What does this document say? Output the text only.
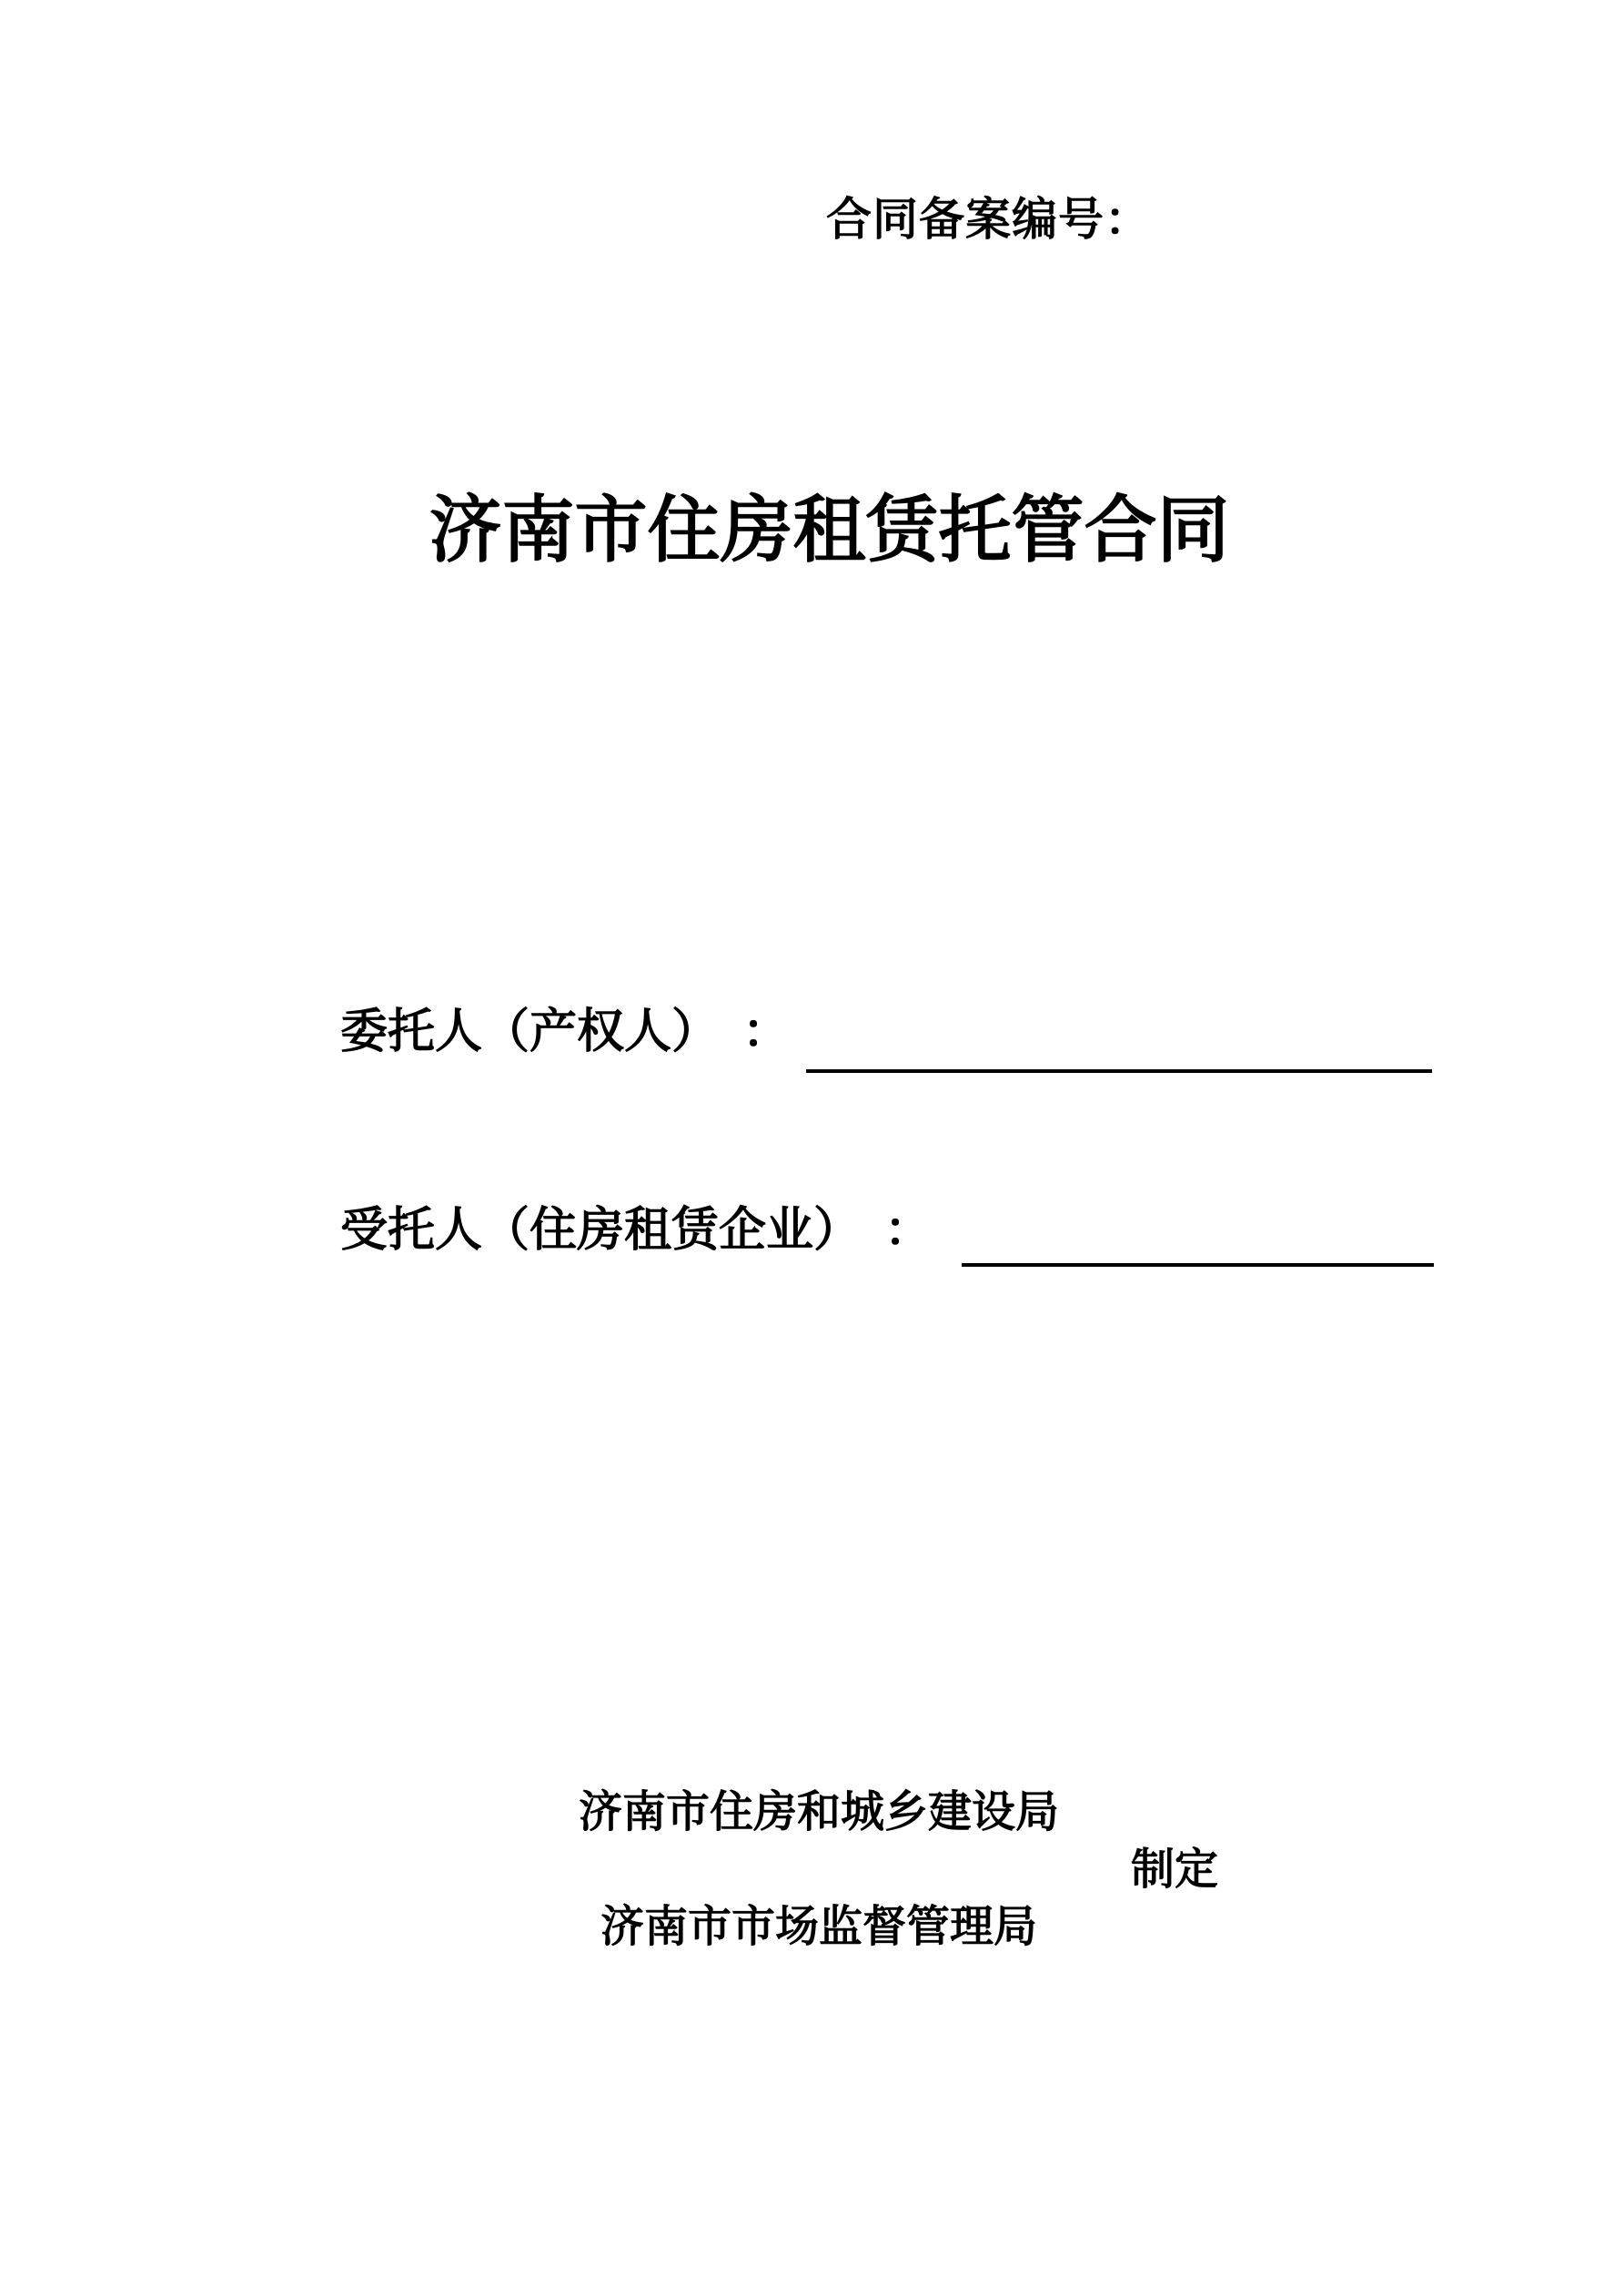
合同备案编号：
济南市住房租赁托管合同
委托人（产权人）　：
受托人（住房租赁企业）　：
济南市住房和城乡建设局
制定
济南市市场监督管理局
